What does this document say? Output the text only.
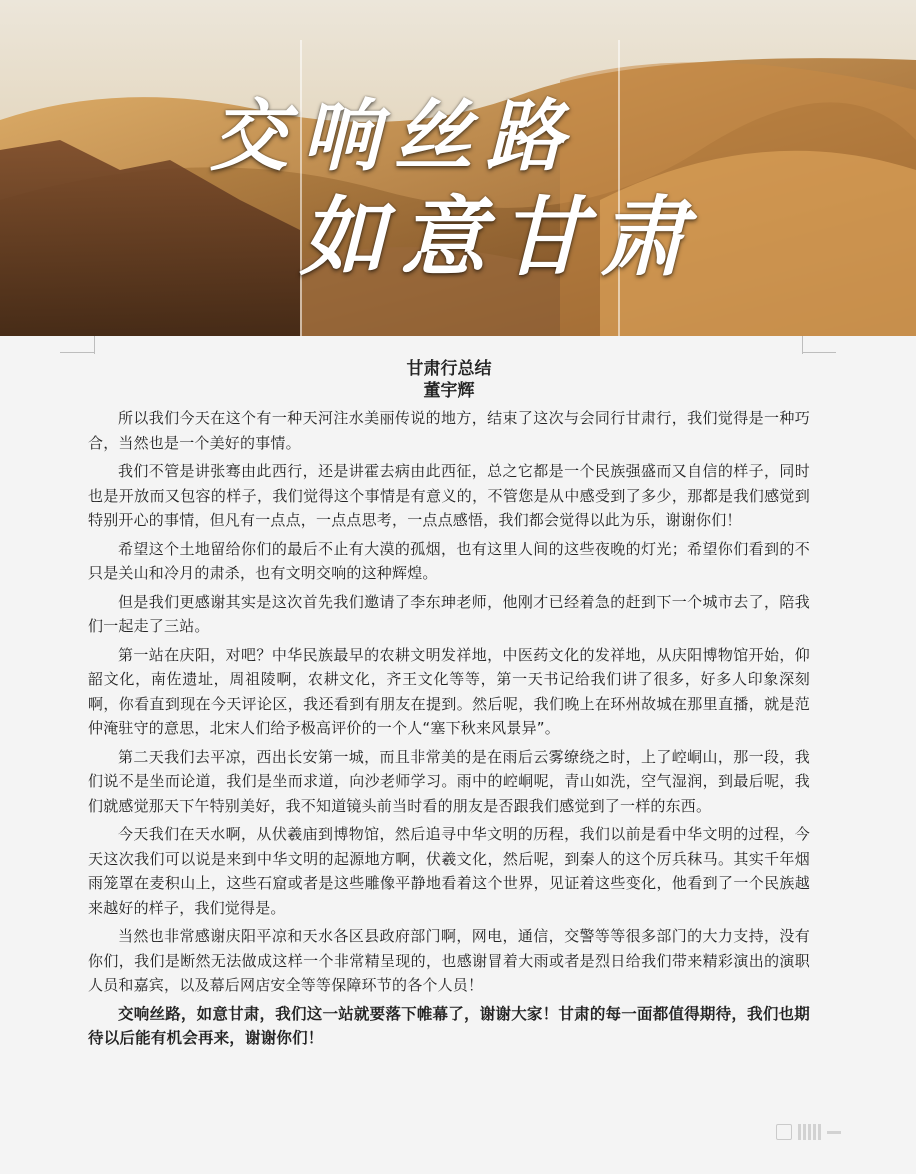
交响丝路
如意甘肃

甘肃行总结

董宇辉

所以我们今天在这个有一种天河注水美丽传说的地方，结束了这次与会同行甘肃行，我们觉得是一种巧合，当然也是一个美好的事情。

我们不管是讲张骞由此西行，还是讲霍去病由此西征，总之它都是一个民族强盛而又自信的样子，同时也是开放而又包容的样子，我们觉得这个事情是有意义的，不管您是从中感受到了多少，那都是我们感觉到特别开心的事情，但凡有一点点，一点点思考，一点点感悟，我们都会觉得以此为乐，谢谢你们！

希望这个土地留给你们的最后不止有大漠的孤烟，也有这里人间的这些夜晚的灯光；希望你们看到的不只是关山和冷月的肃杀，也有文明交响的这种辉煌。

但是我们更感谢其实是这次首先我们邀请了李东珅老师，他刚才已经着急的赶到下一个城市去了，陪我们一起走了三站。

第一站在庆阳，对吧？中华民族最早的农耕文明发祥地，中医药文化的发祥地，从庆阳博物馆开始，仰韶文化，南佐遗址，周祖陵啊，农耕文化，齐王文化等等，第一天书记给我们讲了很多，好多人印象深刻啊，你看直到现在今天评论区，我还看到有朋友在提到。然后呢，我们晚上在环州故城在那里直播，就是范仲淹驻守的意思，北宋人们给予极高评价的一个人“塞下秋来风景异”。

第二天我们去平凉，西出长安第一城，而且非常美的是在雨后云雾缭绕之时，上了崆峒山，那一段，我们说不是坐而论道，我们是坐而求道，向沙老师学习。雨中的崆峒呢，青山如洗，空气湿润，到最后呢，我们就感觉那天下午特别美好，我不知道镜头前当时看的朋友是否跟我们感觉到了一样的东西。

今天我们在天水啊，从伏羲庙到博物馆，然后追寻中华文明的历程，我们以前是看中华文明的过程，今天这次我们可以说是来到中华文明的起源地方啊，伏羲文化，然后呢，到秦人的这个厉兵秣马。其实千年烟雨笼罩在麦积山上，这些石窟或者是这些雕像平静地看着这个世界，见证着这些变化，他看到了一个民族越来越好的样子，我们觉得是。

当然也非常感谢庆阳平凉和天水各区县政府部门啊，网电，通信，交警等等很多部门的大力支持，没有你们，我们是断然无法做成这样一个非常精呈现的，也感谢冒着大雨或者是烈日给我们带来精彩演出的演职人员和嘉宾，以及幕后网店安全等等保障环节的各个人员！

交响丝路，如意甘肃，我们这一站就要落下帷幕了，谢谢大家！甘肃的每一面都值得期待，我们也期待以后能有机会再来，谢谢你们！
